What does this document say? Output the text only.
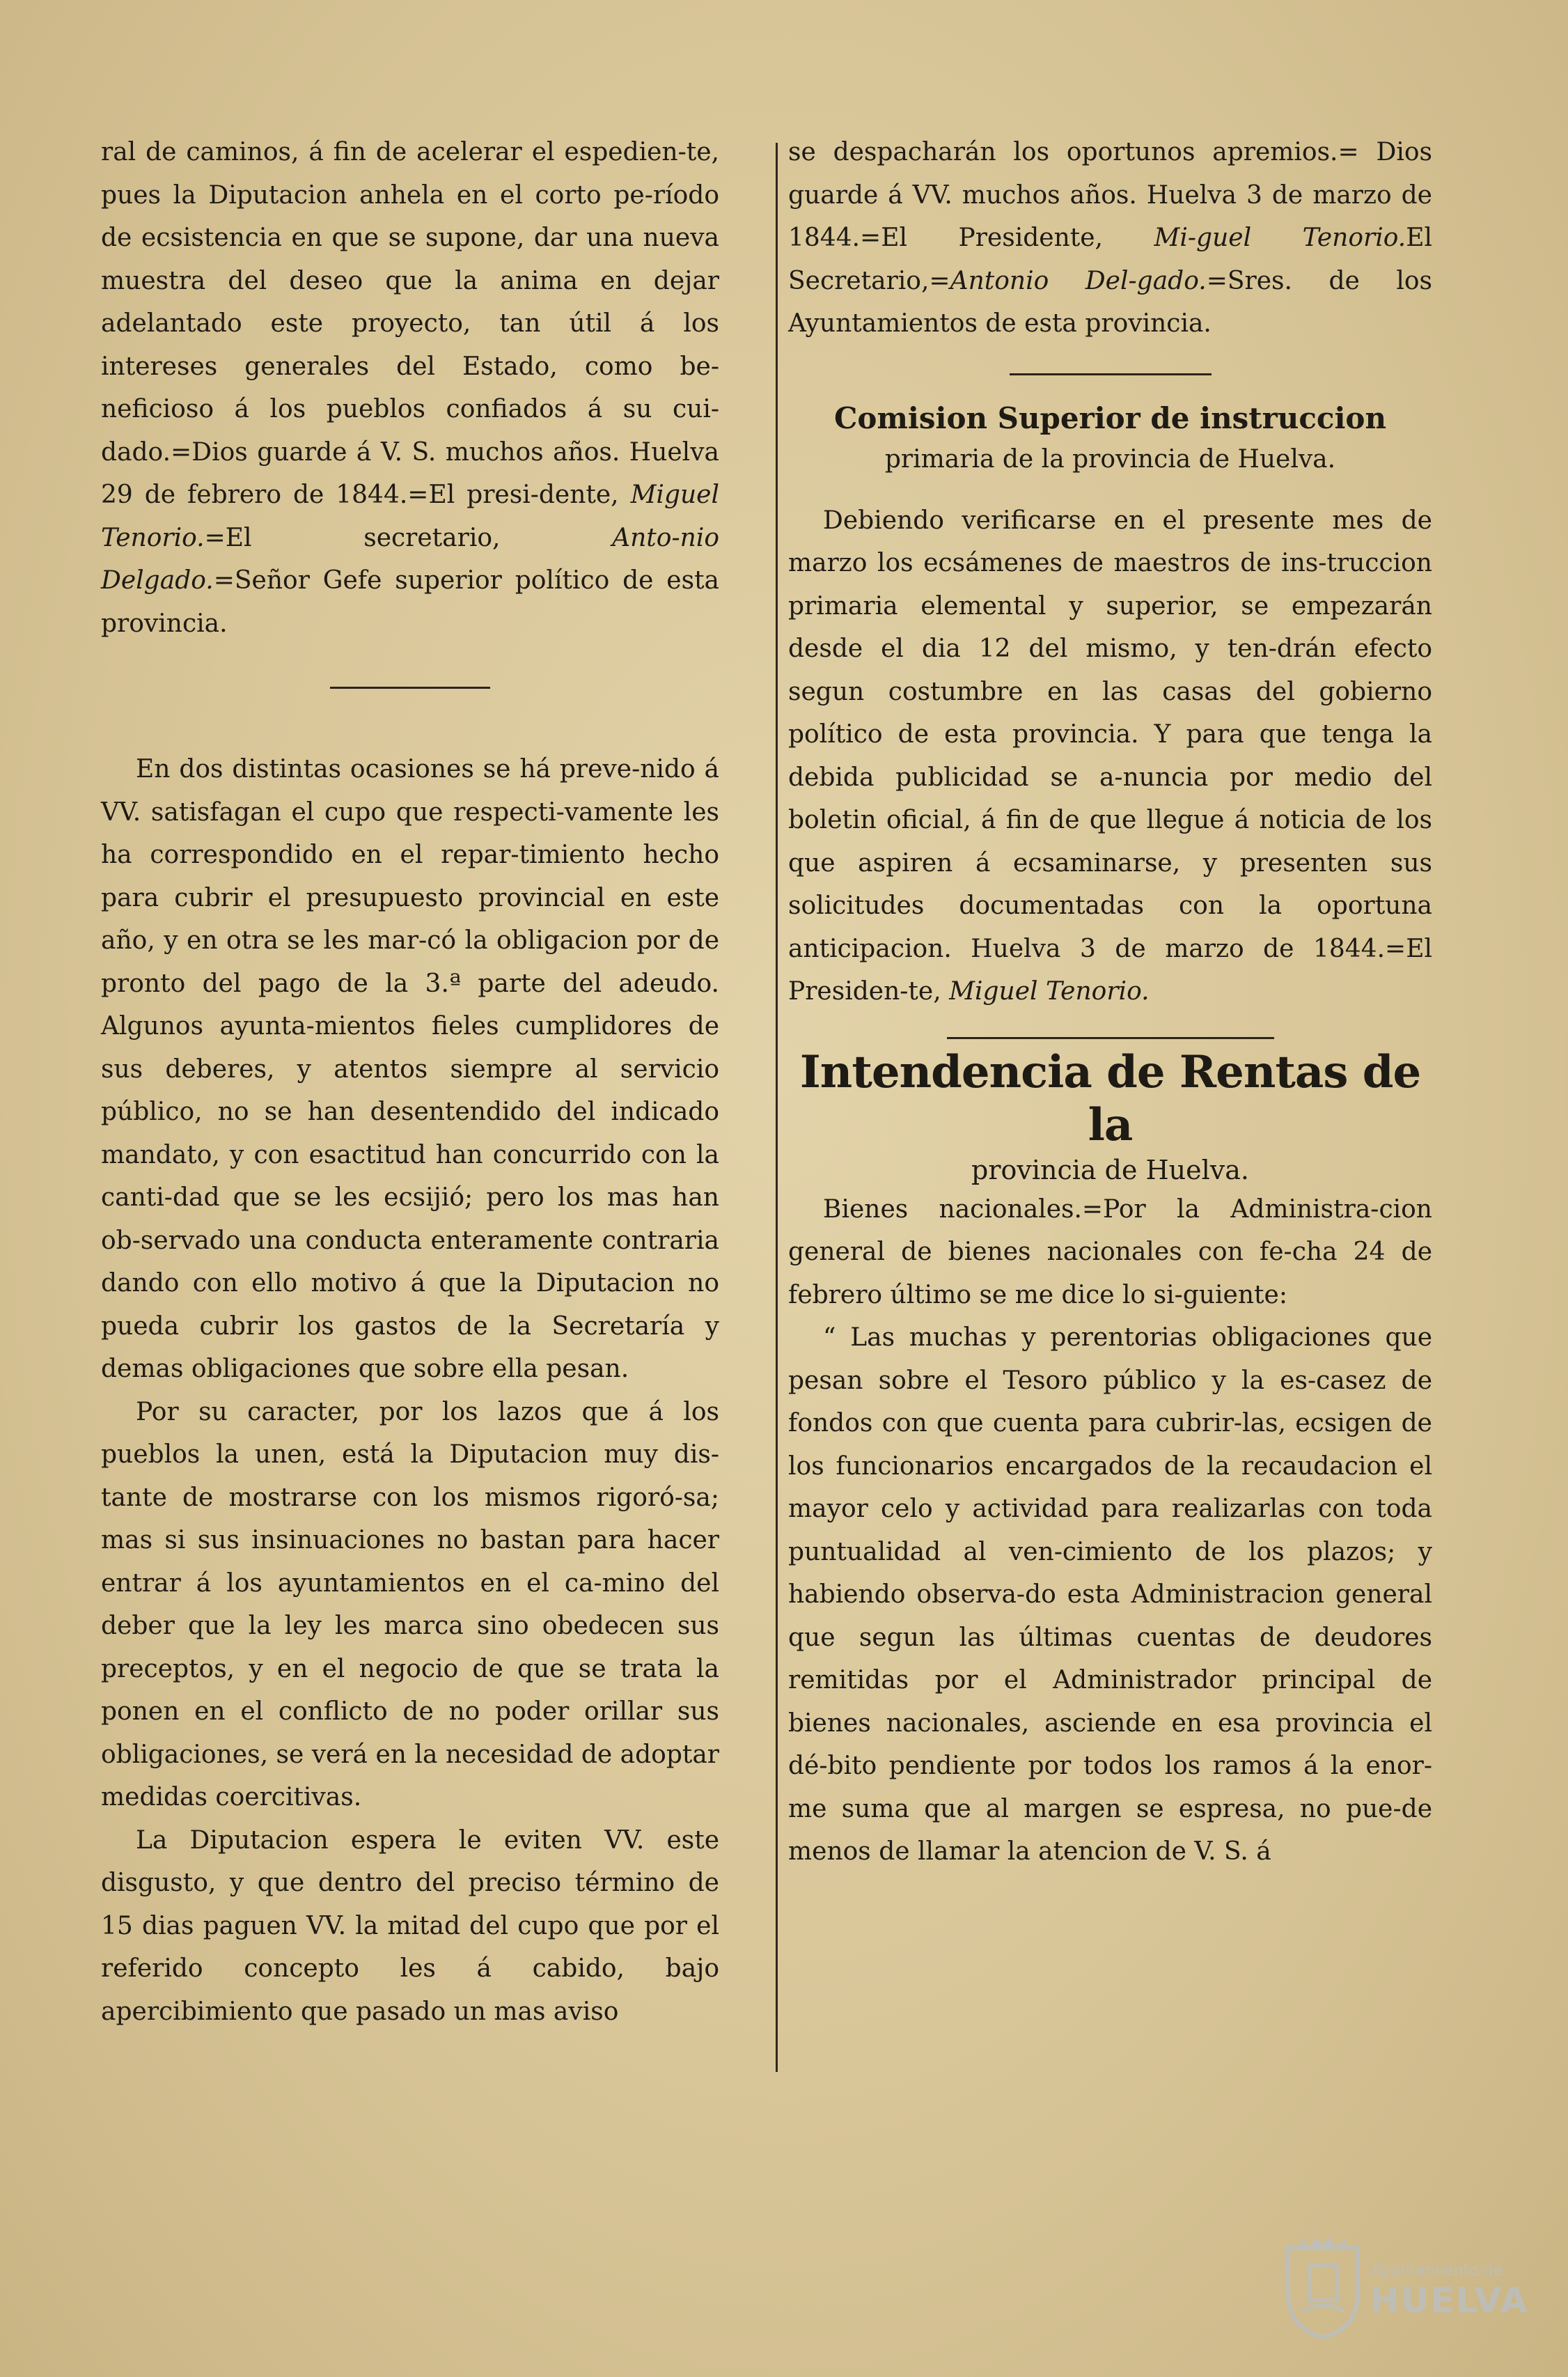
ral de caminos, á fin de acelerar el espedien-te, pues la Diputacion anhela en el corto pe-ríodo de ecsistencia en que se supone, dar una nueva muestra del deseo que la anima en dejar adelantado este proyecto, tan útil á los intereses generales del Estado, como be-neficioso á los pueblos confiados á su cui-dado.=Dios guarde á V. S. muchos años. Huelva 29 de febrero de 1844.=El presi-dente, Miguel Tenorio.=El secretario,	Anto-nio Delgado.=Señor Gefe superior político de esta provincia.

En dos distintas ocasiones se há preve-nido á VV. satisfagan el cupo que respecti-vamente les ha correspondido en el repar-timiento hecho para cubrir el presupuesto provincial en este año, y en otra se les mar-có la obligacion por de pronto del pago de la 3.ª parte del adeudo. Algunos ayunta-mientos fieles cumplidores de sus deberes, y atentos siempre al servicio público, no se han desentendido del indicado mandato, y con esactitud han concurrido con la canti-dad que se les ecsijió; pero los mas han ob-servado una conducta enteramente contraria dando con ello motivo á que la Diputacion no pueda cubrir los gastos de la Secretaría y demas obligaciones que sobre ella pesan.

Por su caracter, por los lazos que á los pueblos la unen, está la Diputacion muy dis-tante de mostrarse con los mismos rigoró-sa; mas si sus insinuaciones no bastan para hacer entrar á los ayuntamientos en el ca-mino del deber que la ley les marca sino obedecen sus preceptos, y en el negocio de que se trata la ponen en el conflicto de no poder orillar sus obligaciones, se verá en la necesidad de adoptar medidas coercitivas.

La Diputacion espera le eviten VV. este disgusto, y que dentro del preciso término de 15 dias paguen VV. la mitad del cupo que por el referido concepto les á cabido, bajo apercibimiento que pasado un mas aviso

se despacharán los oportunos apremios.= Dios guarde á VV. muchos años. Huelva 3 de marzo de 1844.=El Presidente, Mi-guel Tenorio.El Secretario,=Antonio Del-gado.=Sres. de los Ayuntamientos de esta provincia.

Comision Superior de instruccion

primaria de la provincia de Huelva.

Debiendo verificarse en el presente mes de marzo los ecsámenes de maestros de ins-truccion primaria elemental y superior, se empezarán desde el dia 12 del mismo, y ten-drán efecto segun costumbre en las casas del gobierno político de esta provincia. Y para que tenga la debida publicidad se a-nuncia por medio del boletin oficial, á fin de que llegue á noticia de los que aspiren á ecsaminarse, y presenten sus solicitudes documentadas con la oportuna anticipacion. Huelva 3 de marzo de 1844.=El Presiden-te, Miguel Tenorio.

Intendencia de Rentas de la

provincia de Huelva.

Bienes nacionales.=Por la Administra-cion general de bienes nacionales con fe-cha 24 de febrero último se me dice lo si-guiente:

“ Las muchas y perentorias obligaciones que pesan sobre el Tesoro público y la es-casez de fondos con que cuenta para cubrir-las, ecsigen de los funcionarios encargados de la recaudacion el mayor celo y actividad para realizarlas con toda puntualidad al ven-cimiento de los plazos; y habiendo observa-do esta Administracion general que segun las últimas cuentas de deudores remitidas por el Administrador principal de bienes nacionales, asciende en esa provincia el dé-bito pendiente por todos los ramos á la enor-me suma que al margen se espresa, no pue-de menos de llamar la atencion de V. S. á

Ayuntamiento de
HUELVA
